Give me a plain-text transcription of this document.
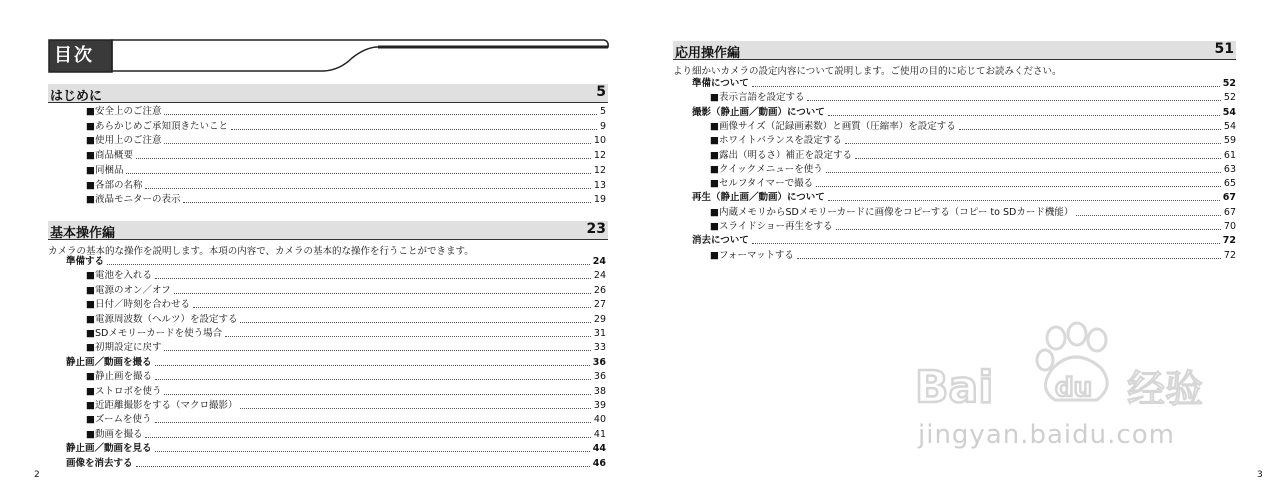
目次
はじめに	5
■安全上のご注意	5
■あらかじめご承知頂きたいこと	9
■使用上のご注意	10
■商品概要	12
■同梱品	12
■各部の名称	13
■液晶モニターの表示	19
基本操作編	23
カメラの基本的な操作を説明します。本項の内容で、カメラの基本的な操作を行うことができます。
準備する	24
■電池を入れる	24
■電源のオン／オフ	26
■日付／時刻を合わせる	27
■電源周波数（ヘルツ）を設定する	29
■SDメモリーカードを使う場合	31
■初期設定に戻す	33
静止画／動画を撮る	36
■静止画を撮る	36
■ストロボを使う	38
■近距離撮影をする（マクロ撮影）	39
■ズームを使う	40
■動画を撮る	41
静止画／動画を見る	44
画像を消去する	46
2
応用操作編	51
より細かいカメラの設定内容について説明します。ご使用の目的に応じてお読みください。
準備について	52
■表示言語を設定する	52
撮影（静止画／動画）について	54
■画像サイズ（記録画素数）と画質（圧縮率）を設定する	54
■ホワイトバランスを設定する	59
■露出（明るさ）補正を設定する	61
■クイックメニューを使う	63
■セルフタイマーで撮る	65
再生（静止画／動画）について	67
■内蔵メモリからSDメモリーカードに画像をコピーする（コピー to SDカード機能）	67
■スライドショー再生をする	70
消去について	72
■フォーマットする	72
Bai du 经验
jingyan.baidu.com
3
